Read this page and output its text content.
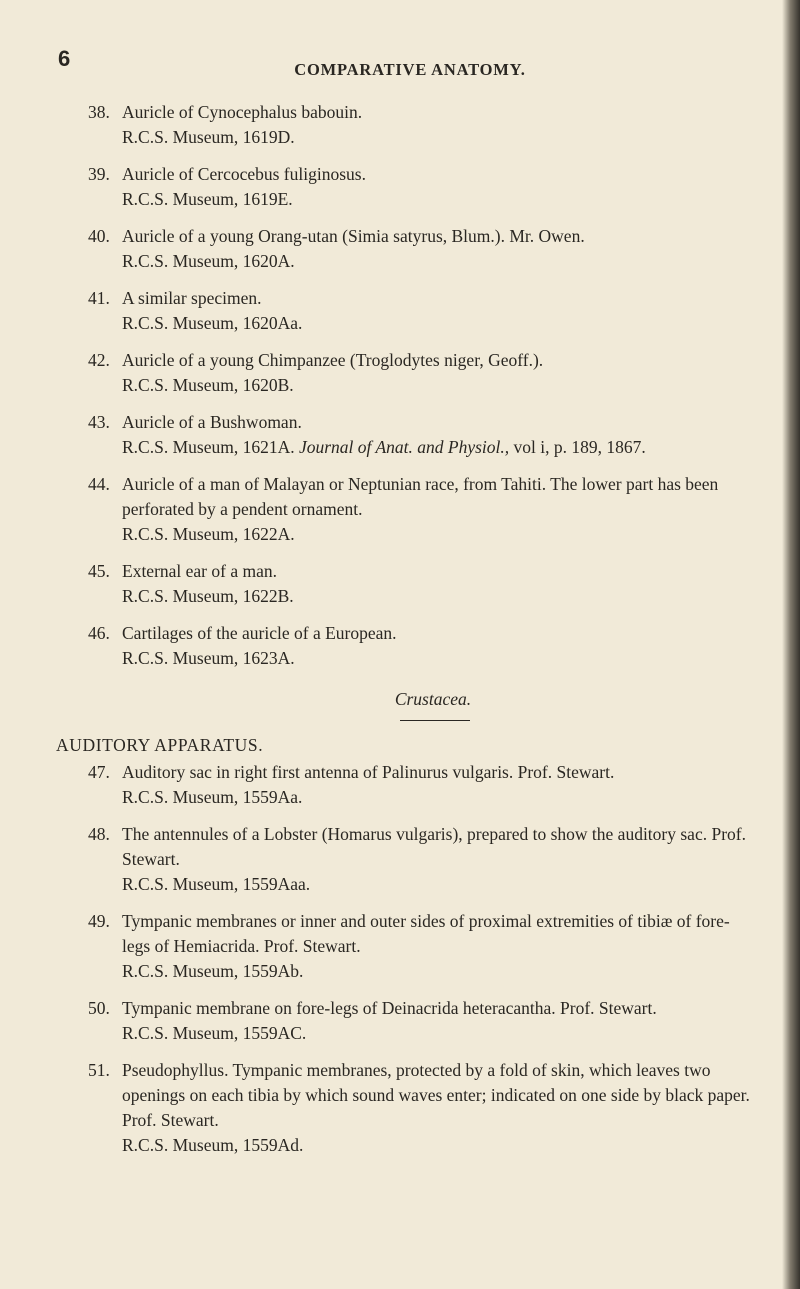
6	COMPARATIVE ANATOMY.
38. Auricle of Cynocephalus babouin.
R.C.S. Museum, 1619D.
39. Auricle of Cercocebus fuliginosus.
R.C.S. Museum, 1619E.
40. Auricle of a young Orang-utan (Simia satyrus, Blum.). Mr. Owen.
R.C.S. Museum, 1620A.
41. A similar specimen.
R.C.S. Museum, 1620Aa.
42. Auricle of a young Chimpanzee (Troglodytes niger, Geoff.).
R.C.S. Museum, 1620B.
43. Auricle of a Bushwoman.
R.C.S. Museum, 1621A. Journal of Anat. and Physiol., vol i, p. 189, 1867.
44. Auricle of a man of Malayan or Neptunian race, from Tahiti. The lower part has been perforated by a pendent ornament.
R.C.S. Museum, 1622A.
45. External ear of a man.
R.C.S. Museum, 1622B.
46. Cartilages of the auricle of a European.
R.C.S. Museum, 1623A.
Crustacea.
AUDITORY APPARATUS.
47. Auditory sac in right first antenna of Palinurus vulgaris. Prof. Stewart.
R.C.S. Museum, 1559Aa.
48. The antennules of a Lobster (Homarus vulgaris), prepared to show the auditory sac. Prof. Stewart.
R.C.S. Museum, 1559Aaa.
49. Tympanic membranes or inner and outer sides of proximal extremities of tibiæ of fore-legs of Hemiacrida. Prof. Stewart.
R.C.S. Museum, 1559Ab.
50. Tympanic membrane on fore-legs of Deinacrida heteracantha. Prof. Stewart.
R.C.S. Museum, 1559AC.
51. Pseudophyllus. Tympanic membranes, protected by a fold of skin, which leaves two openings on each tibia by which sound waves enter; indicated on one side by black paper. Prof. Stewart.
R.C.S. Museum, 1559Ad.
